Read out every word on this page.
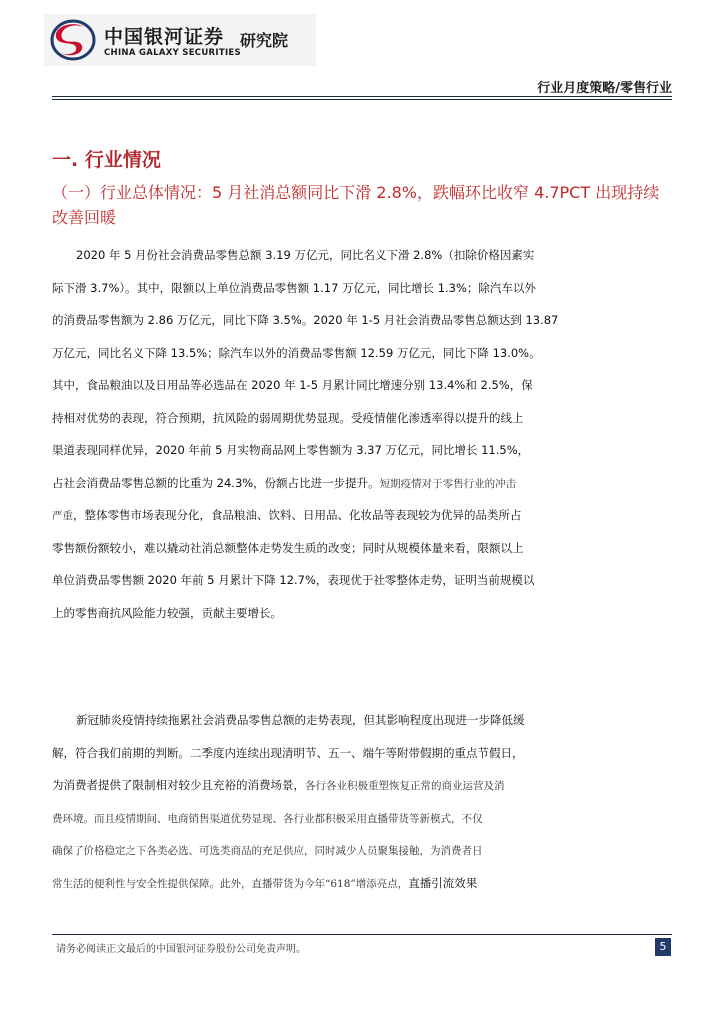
中国银河证券 研究院
CHINA GALAXY SECURITIES
行业月度策略/零售行业
一. 行业情况
（一）行业总体情况：5 月社消总额同比下滑 2.8%，跌幅环比收窄 4.7PCT 出现持续改善回暖
2020 年 5 月份社会消费品零售总额 3.19 万亿元，同比名义下滑 2.8%（扣除价格因素实
际下滑 3.7%）。其中，限额以上单位消费品零售额 1.17 万亿元，同比增长 1.3%；除汽车以外
的消费品零售额为 2.86 万亿元，同比下降 3.5%。2020 年 1-5 月社会消费品零售总额达到 13.87
万亿元，同比名义下降 13.5%；除汽车以外的消费品零售额 12.59 万亿元，同比下降 13.0%。
其中，食品粮油以及日用品等必选品在 2020 年 1-5 月累计同比增速分别 13.4%和 2.5%，保
持相对优势的表现，符合预期，抗风险的弱周期优势显现。受疫情催化渗透率得以提升的线上
渠道表现同样优异，2020 年前 5 月实物商品网上零售额为 3.37 万亿元，同比增长 11.5%，
占社会消费品零售总额的比重为 24.3%，份额占比进一步提升。短期疫情对于零售行业的冲击
严重，整体零售市场表现分化，食品粮油、饮料、日用品、化妆品等表现较为优异的品类所占
零售额份额较小，难以撬动社消总额整体走势发生质的改变；同时从规模体量来看，限额以上
单位消费品零售额 2020 年前 5 月累计下降 12.7%，表现优于社零整体走势，证明当前规模以
上的零售商抗风险能力较强，贡献主要增长。
新冠肺炎疫情持续拖累社会消费品零售总额的走势表现，但其影响程度出现进一步降低缓
解，符合我们前期的判断。二季度内连续出现清明节、五一、端午等附带假期的重点节假日，
为消费者提供了限制相对较少且充裕的消费场景，各行各业积极重塑恢复正常的商业运营及消
费环境。而且疫情期间、电商销售渠道优势显现、各行业都积极采用直播带货等新模式，不仅
确保了价格稳定之下各类必选、可选类商品的充足供应，同时减少人员聚集接触，为消费者日
常生活的便利性与安全性提供保障。此外，直播带货为今年“618”增添亮点，直播引流效果
请务必阅读正文最后的中国银河证券股份公司免责声明。	5
